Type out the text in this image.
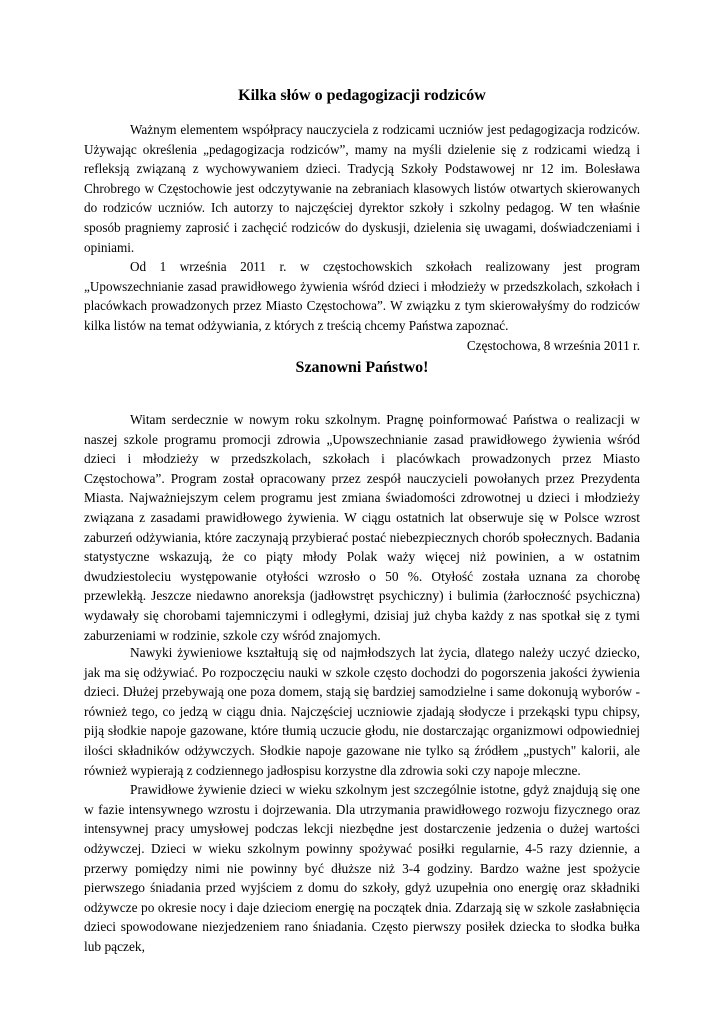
Kilka słów o pedagogizacji rodziców

Ważnym elementem współpracy nauczyciela z rodzicami uczniów jest pedagogizacja rodziców. Używając określenia „pedagogizacja rodziców”, mamy na myśli dzielenie się z rodzicami wiedzą i refleksją związaną z wychowywaniem dzieci. Tradycją Szkoły Podstawowej nr 12 im. Bolesława Chrobrego w Częstochowie jest odczytywanie na zebraniach klasowych listów otwartych skierowanych do rodziców uczniów. Ich autorzy to najczęściej dyrektor szkoły i szkolny pedagog. W ten właśnie sposób pragniemy zaprosić i zachęcić rodziców do dyskusji, dzielenia się uwagami, doświadczeniami i opiniami.

Od 1 września 2011 r. w częstochowskich szkołach realizowany jest program „Upowszechnianie zasad prawidłowego żywienia wśród dzieci i młodzieży w przedszkolach, szkołach i placówkach prowadzonych przez Miasto Częstochowa”. W związku z tym skierowałyśmy do rodziców kilka listów na temat odżywiania, z których z treścią chcemy Państwa zapoznać.

Częstochowa, 8 września 2011 r.

Szanowni Państwo!

Witam serdecznie w nowym roku szkolnym. Pragnę poinformować Państwa o realizacji w naszej szkole programu promocji zdrowia „Upowszechnianie zasad prawidłowego żywienia wśród dzieci i młodzieży w przedszkolach, szkołach i placówkach prowadzonych przez Miasto Częstochowa”. Program został opracowany przez zespół nauczycieli powołanych przez Prezydenta Miasta. Najważniejszym celem programu jest zmiana świadomości zdrowotnej u dzieci i młodzieży związana z zasadami prawidłowego żywienia. W ciągu ostatnich lat obserwuje się w Polsce wzrost zaburzeń odżywiania, które zaczynają przybierać postać niebezpiecznych chorób społecznych. Badania statystyczne wskazują, że co piąty młody Polak waży więcej niż powinien, a w ostatnim dwudziestoleciu występowanie otyłości wzrosło o 50 %. Otyłość została uznana za chorobę przewlekłą. Jeszcze niedawno anoreksja (jadłowstręt psychiczny) i bulimia (żarłoczność psychiczna) wydawały się chorobami tajemniczymi i odległymi, dzisiaj już chyba każdy z nas spotkał się z tymi zaburzeniami w rodzinie, szkole czy wśród znajomych.

Nawyki żywieniowe kształtują się od najmłodszych lat życia, dlatego należy uczyć dziecko, jak ma się odżywiać. Po rozpoczęciu nauki w szkole często dochodzi do pogorszenia jakości żywienia dzieci. Dłużej przebywają one poza domem, stają się bardziej samodzielne i same dokonują wyborów - również tego, co jedzą w ciągu dnia. Najczęściej uczniowie zjadają słodycze i przekąski typu chipsy, piją słodkie napoje gazowane, które tłumią uczucie głodu, nie dostarczając organizmowi odpowiedniej ilości składników odżywczych. Słodkie napoje gazowane nie tylko są źródłem „pustych" kalorii, ale również wypierają z codziennego jadłospisu korzystne dla zdrowia soki czy napoje mleczne.

Prawidłowe żywienie dzieci w wieku szkolnym jest szczególnie istotne, gdyż znajdują się one w fazie intensywnego wzrostu i dojrzewania. Dla utrzymania prawidłowego rozwoju fizycznego oraz intensywnej pracy umysłowej podczas lekcji niezbędne jest dostarczenie jedzenia o dużej wartości odżywczej. Dzieci w wieku szkolnym powinny spożywać posiłki regularnie, 4-5 razy dziennie, a przerwy pomiędzy nimi nie powinny być dłuższe niż 3-4 godziny. Bardzo ważne jest spożycie pierwszego śniadania przed wyjściem z domu do szkoły, gdyż uzupełnia ono energię oraz składniki odżywcze po okresie nocy i daje dzieciom energię na początek dnia. Zdarzają się w szkole zasłabnięcia dzieci spowodowane niezjedzeniem rano śniadania. Często pierwszy posiłek dziecka to słodka bułka lub pączek,
